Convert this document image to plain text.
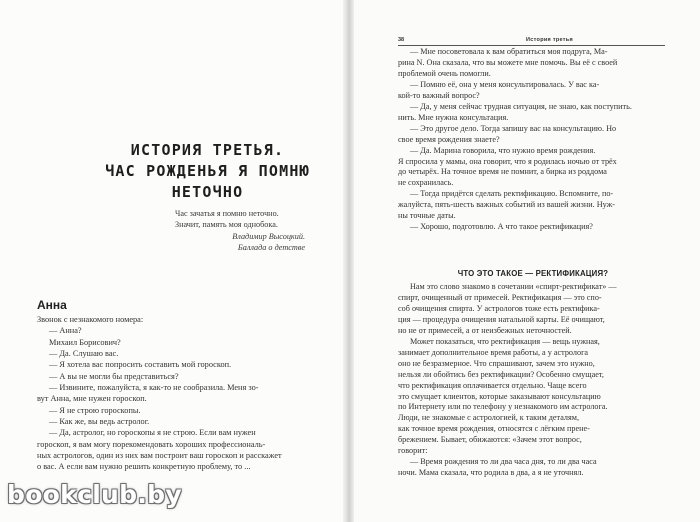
ИСТОРИЯ ТРЕТЬЯ.
ЧАС РОЖДЕНЬЯ Я ПОМНЮ
НЕТОЧНО
Час зачатья я помню неточно.
Значит, память моя однобока.
Владимир Высоцкий.
Баллада о детстве
Анна
Звонок с незнакомого номера:
— Анна?
Михаил Борисович?
— Да. Слушаю вас.
— Я хотела вас попросить составить мой гороскоп.
— А вы не могли бы представиться?
— Извините, пожалуйста, я как-то не сообразила. Меня зо-
вут Анна, мне нужен гороскоп.
— Я не строю гороскопы.
— Как же, вы ведь астролог.
— Да, астролог, но гороскопы я не строю. Если вам нужен
гороскоп, я вам могу порекомендовать хороших профессиональ-
ных астрологов, один из них вам построит ваш гороскоп и расскажет
о вас. А если вам нужно решить конкретную проблему, то ...
38	История третья
— Мне посоветовала к вам обратиться моя подруга, Ма-
рина N. Она сказала, что вы можете мне помочь. Вы её с своей
проблемой очень помогли.
— Помню её, она у меня консультировалась. У вас ка-
кой-то важный вопрос?
— Да, у меня сейчас трудная ситуация, не знаю, как поступить.
нить. Мне нужна консультация.
— Это другое дело. Тогда запишу вас на консультацию. Но
свое время рождения знаете?
— Да. Марина говорила, что нужно время рождения.
Я спросила у мамы, она говорит, что я родилась ночью от трёх
до четырёх. На точное время не помнит, а бирка из роддома
не сохранилась.
— Тогда придётся сделать ректификацию. Вспомните, по-
жалуйста, пять-шесть важных событий из вашей жизни. Нуж-
ны точные даты.
— Хорошо, подготовлю. А что такое ректификация?
ЧТО ЭТО ТАКОЕ — РЕКТИФИКАЦИЯ?
Нам это слово знакомо в сочетании «спирт-ректификат» —
спирт, очищенный от примесей. Ректификация — это спо-
соб очищения спирта. У астрологов тоже есть ректифика-
ция — процедура очищения натальной карты. Её очищают,
но не от примесей, а от неизбежных неточностей.
Может показаться, что ректификация — вещь нужная,
занимает дополнительное время работы, а у астролога
оно не безразмерное. Что спрашивают, зачем это нужно,
нельзя ли обойтись без ректификации? Особенно смущает,
что ректификация оплачивается отдельно. Чаще всего
это смущает клиентов, которые заказывают консультацию
по Интернету или по телефону у незнакомого им астролога.
Люди, не знакомые с астрологией, к таким деталям,
как точное время рождения, относятся с лёгким прене-
брежением. Бывает, обижаются: «Зачем этот вопрос,
говорит:
— Время рождения то ли два часа дня, то ли два часа
ночи. Мама сказала, что родила в два, а я не уточнял.
bookclub.by
